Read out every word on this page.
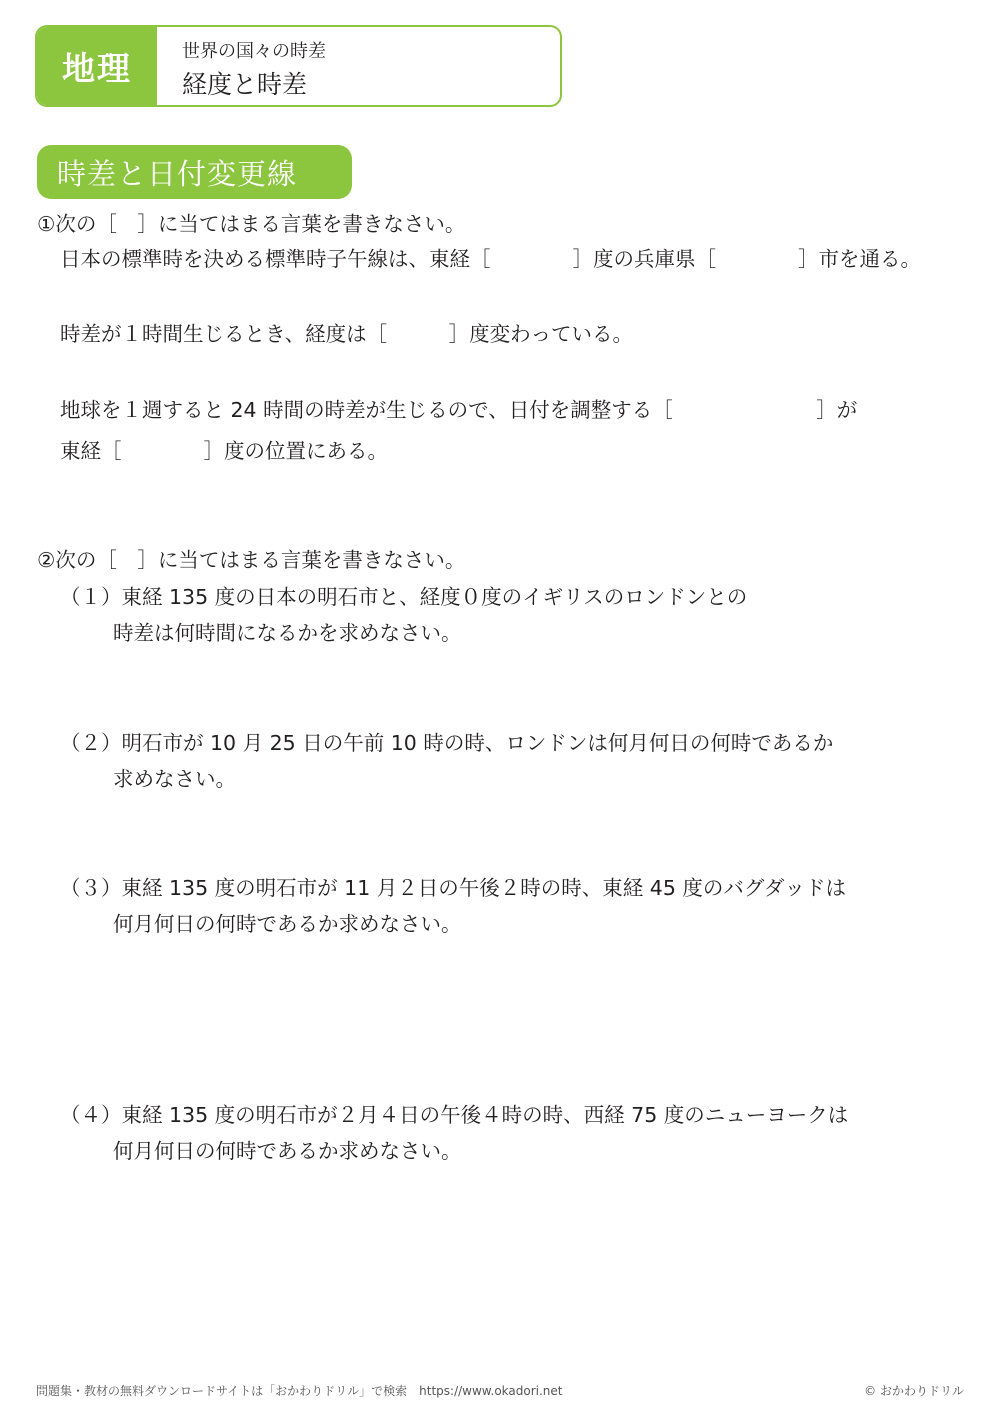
地理	世界の国々の時差
経度と時差
時差と日付変更線
①次の［　］に当てはまる言葉を書きなさい。
日本の標準時を決める標準時子午線は、東経［　　　　］度の兵庫県［　　　　］市を通る。
時差が１時間生じるとき、経度は［　　　］度変わっている。
地球を１週すると 24 時間の時差が生じるので、日付を調整する［　　　　　　　］が
東経［　　　　］度の位置にある。
②次の［　］に当てはまる言葉を書きなさい。
（１）東経 135 度の日本の明石市と、経度０度のイギリスのロンドンとの
時差は何時間になるかを求めなさい。
（２）明石市が 10 月 25 日の午前 10 時の時、ロンドンは何月何日の何時であるか
求めなさい。
（３）東経 135 度の明石市が 11 月２日の午後２時の時、東経 45 度のバグダッドは
何月何日の何時であるか求めなさい。
（４）東経 135 度の明石市が２月４日の午後４時の時、西経 75 度のニューヨークは
何月何日の何時であるか求めなさい。
問題集・教材の無料ダウンロードサイトは「おかわりドリル」で検索　https://www.okadori.net	© おかわりドリル
